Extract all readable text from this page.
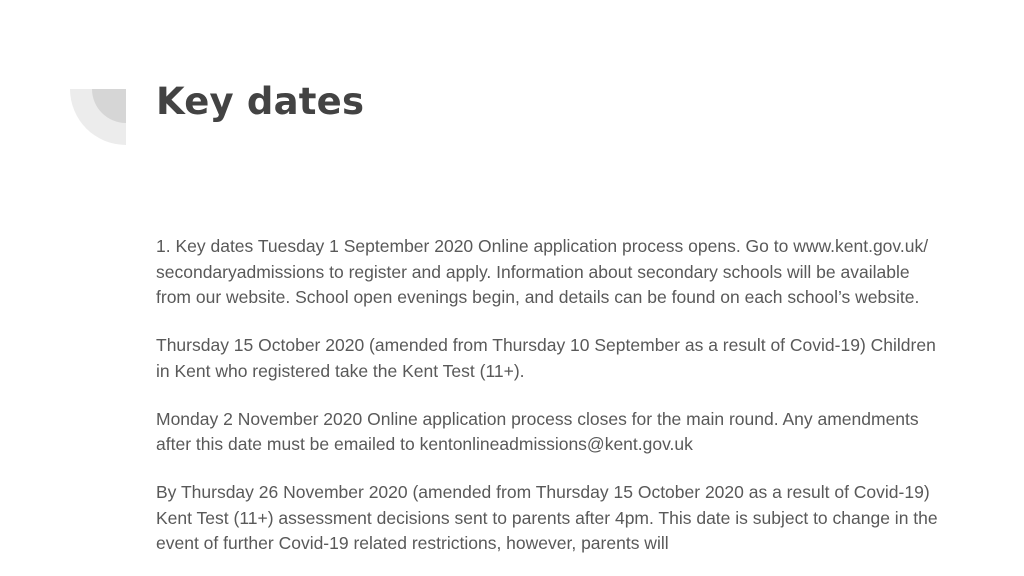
Key dates

1. Key dates Tuesday 1 September 2020 Online application process opens. Go to www.kent.gov.uk/ secondaryadmissions to register and apply. Information about secondary schools will be available from our website. School open evenings begin, and details can be found on each school’s website.

Thursday 15 October 2020 (amended from Thursday 10 September as a result of Covid-19) Children in Kent who registered take the Kent Test (11+).

Monday 2 November 2020 Online application process closes for the main round. Any amendments after this date must be emailed to kentonlineadmissions@kent.gov.uk

By Thursday 26 November 2020 (amended from Thursday 15 October 2020 as a result of Covid-19) Kent Test (11+) assessment decisions sent to parents after 4pm. This date is subject to change in the event of further Covid-19 related restrictions, however, parents will
